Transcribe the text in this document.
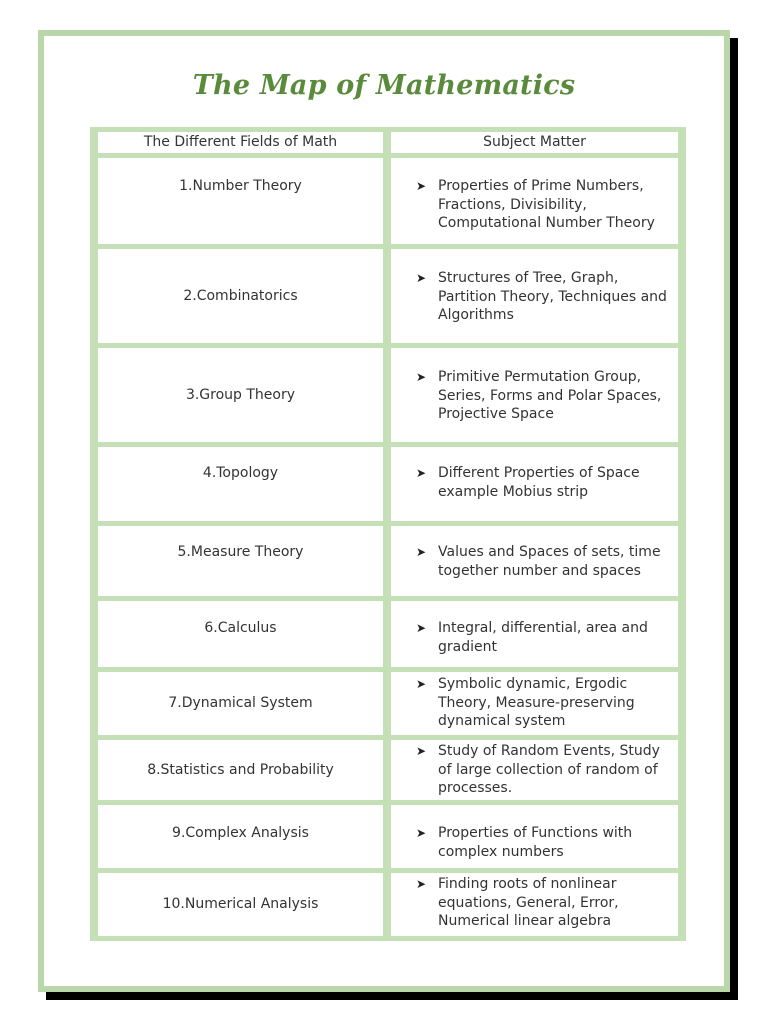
The Map of Mathematics
The Different Fields of Math	Subject Matter
1.Number Theory	➤ Properties of Prime Numbers, Fractions, Divisibility, Computational Number Theory

2.Combinatorics	➤ Structures of Tree, Graph, Partition Theory, Techniques and Algorithms

3.Group Theory	➤ Primitive Permutation Group, Series, Forms and Polar Spaces, Projective Space

4.Topology	➤ Different Properties of Space example Mobius strip

5.Measure Theory	➤ Values and Spaces of sets, time together number and spaces

6.Calculus	➤ Integral, differential, area and gradient

7.Dynamical System	➤ Symbolic dynamic, Ergodic Theory, Measure-preserving dynamical system

8.Statistics and Probability	➤ Study of Random Events, Study of large collection of random of processes.

9.Complex Analysis	➤ Properties of Functions with complex numbers

10.Numerical Analysis	➤ Finding roots of nonlinear equations, General, Error, Numerical linear algebra
